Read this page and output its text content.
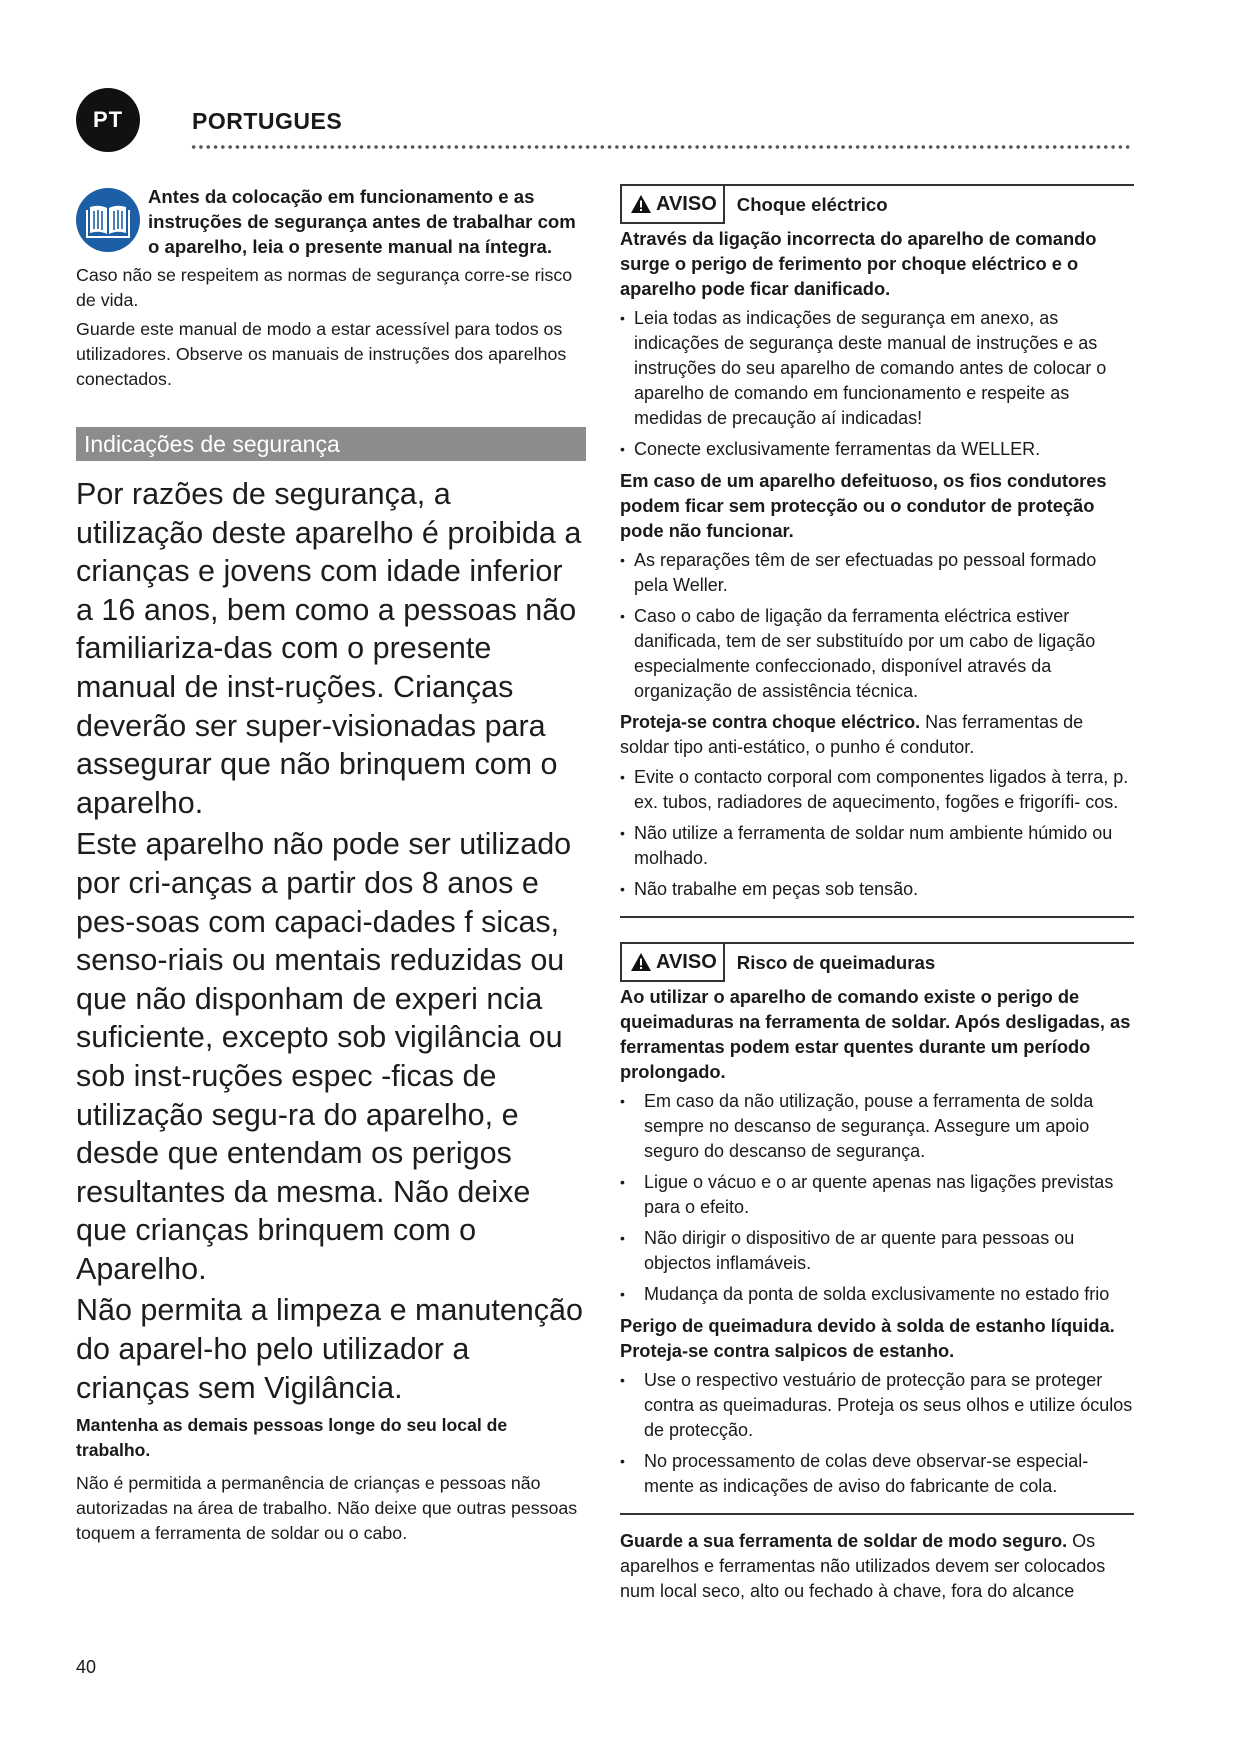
PT	PORTUGUES

Antes da colocação em funcionamento e as instruções de segurança antes de trabalhar com o aparelho, leia o presente manual na íntegra.

Caso não se respeitem as normas de segurança corre-se risco de vida.

Guarde este manual de modo a estar acessível para todos os utilizadores. Observe os manuais de instruções dos aparelhos conectados.

Indicações de segurança

Por razões de segurança, a utilização deste aparelho é proibida a crianças e jovens com idade inferior a 16 anos, bem como a pessoas não familiariza-das com o presente manual de inst-ruções. Crianças deverão ser super-visionadas para assegurar que não brinquem com o aparelho.

Este aparelho não pode ser utilizado por cri-anças a partir dos 8 anos e pes-soas com capaci-dades f sicas, senso-riais ou mentais reduzidas ou que não disponham de experi ncia suficiente, excepto sob vigilância ou sob inst-ruções espec -ficas de utilização segu-ra do aparelho, e desde que entendam os perigos resultantes da mesma. Não deixe que crianças brinquem com o Aparelho.

Não permita a limpeza e manutenção do aparel-ho pelo utilizador a crianças sem Vigilância.

Mantenha as demais pessoas longe do seu local de trabalho.

Não é permitida a permanência de crianças e pessoas não autorizadas na área de trabalho. Não deixe que outras pessoas toquem a ferramenta de soldar ou o cabo.

AVISO	Choque eléctrico

Através da ligação incorrecta do aparelho de comando surge o perigo de ferimento por choque eléctrico e o aparelho pode ficar danificado.

• Leia todas as indicações de segurança em anexo, as indicações de segurança deste manual de instruções e as instruções do seu aparelho de comando antes de colocar o aparelho de comando em funcionamento e respeite as medidas de precaução aí indicadas!
• Conecte exclusivamente ferramentas da WELLER.

Em caso de um aparelho defeituoso, os fios condutores podem ficar sem protecção ou o condutor de proteção pode não funcionar.

• As reparações têm de ser efectuadas po pessoal formado pela Weller.
• Caso o cabo de ligação da ferramenta eléctrica estiver danificada, tem de ser substituído por um cabo de ligação especialmente confeccionado, disponível através da organização de assistência técnica.

Proteja-se contra choque eléctrico. Nas ferramentas de soldar tipo anti-estático, o punho é condutor.

• Evite o contacto corporal com componentes ligados à terra, p. ex. tubos, radiadores de aquecimento, fogões e frigorífi- cos.
• Não utilize a ferramenta de soldar num ambiente húmido ou molhado.
• Não trabalhe em peças sob tensão.
AVISO	Risco de queimaduras

Ao utilizar o aparelho de comando existe o perigo de queimaduras na ferramenta de soldar. Após desligadas, as ferramentas podem estar quentes durante um período prolongado.

• Em caso da não utilização, pouse a ferramenta de solda sempre no descanso de segurança. Assegure um apoio seguro do descanso de segurança.
• Ligue o vácuo e o ar quente apenas nas ligações previstas para o efeito.
• Não dirigir o dispositivo de ar quente para pessoas ou objectos inflamáveis.
• Mudança da ponta de solda exclusivamente no estado frio

Perigo de queimadura devido à solda de estanho líquida. Proteja-se contra salpicos de estanho.

• Use o respectivo vestuário de protecção para se proteger contra as queimaduras. Proteja os seus olhos e utilize óculos de protecção.
• No processamento de colas deve observar-se especial-mente as indicações de aviso do fabricante de cola.

Guarde a sua ferramenta de soldar de modo seguro. Os aparelhos e ferramentas não utilizados devem ser colocados num local seco, alto ou fechado à chave, fora do alcance

40
